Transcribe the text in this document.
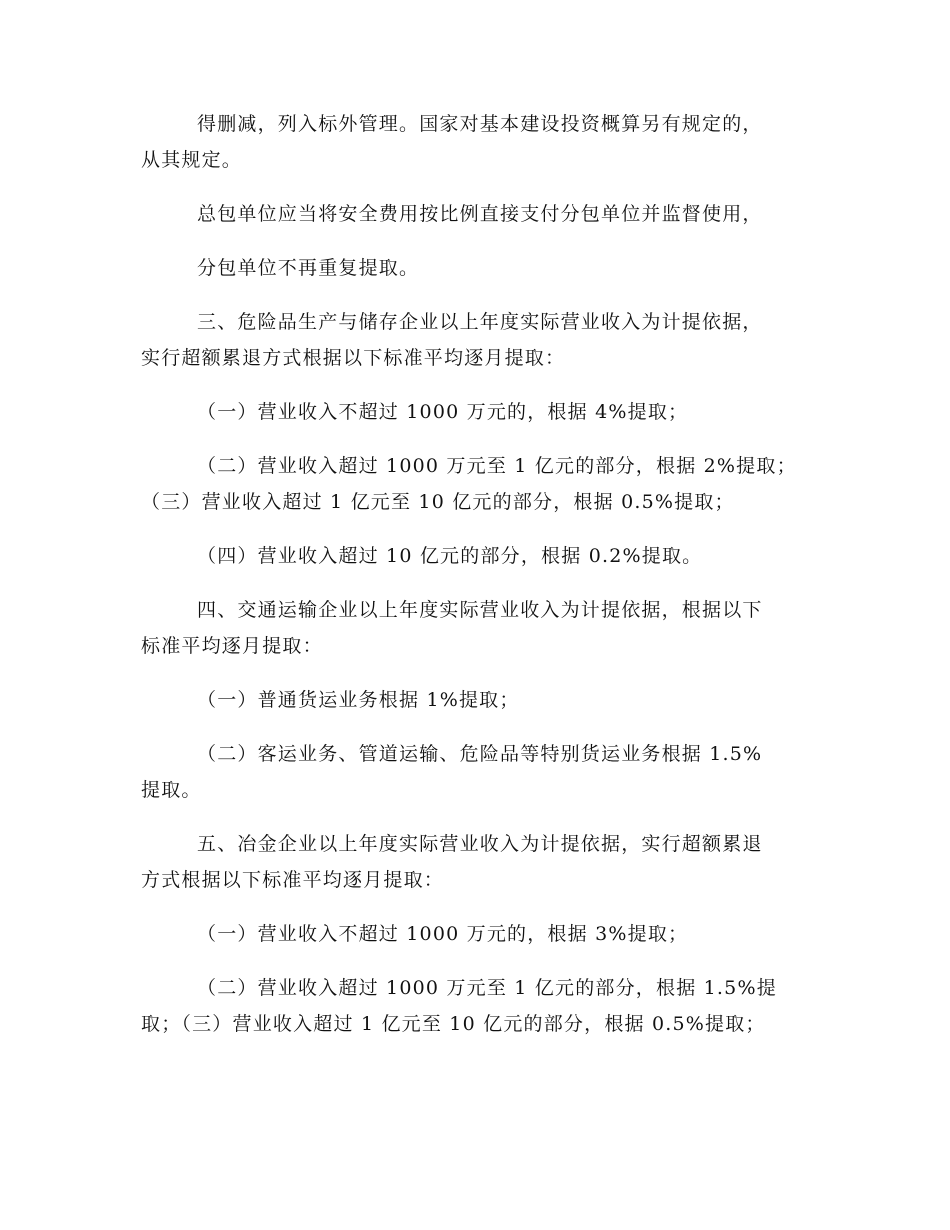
得删减，列入标外管理。国家对基本建设投资概算另有规定的，
从其规定。
总包单位应当将安全费用按比例直接支付分包单位并监督使用，
分包单位不再重复提取。
三、危险品生产与储存企业以上年度实际营业收入为计提依据，
实行超额累退方式根据以下标准平均逐月提取：
（一）营业收入不超过 1000 万元的，根据 4%提取；
（二）营业收入超过 1000 万元至 1 亿元的部分，根据 2%提取；
（三）营业收入超过 1 亿元至 10 亿元的部分，根据 0.5%提取；
（四）营业收入超过 10 亿元的部分，根据 0.2%提取。
四、交通运输企业以上年度实际营业收入为计提依据，根据以下
标准平均逐月提取：
（一）普通货运业务根据 1%提取；
（二）客运业务、管道运输、危险品等特别货运业务根据 1.5%
提取。
五、冶金企业以上年度实际营业收入为计提依据，实行超额累退
方式根据以下标准平均逐月提取：
（一）营业收入不超过 1000 万元的，根据 3%提取；
（二）营业收入超过 1000 万元至 1 亿元的部分，根据 1.5%提
取；（三）营业收入超过 1 亿元至 10 亿元的部分，根据 0.5%提取；
